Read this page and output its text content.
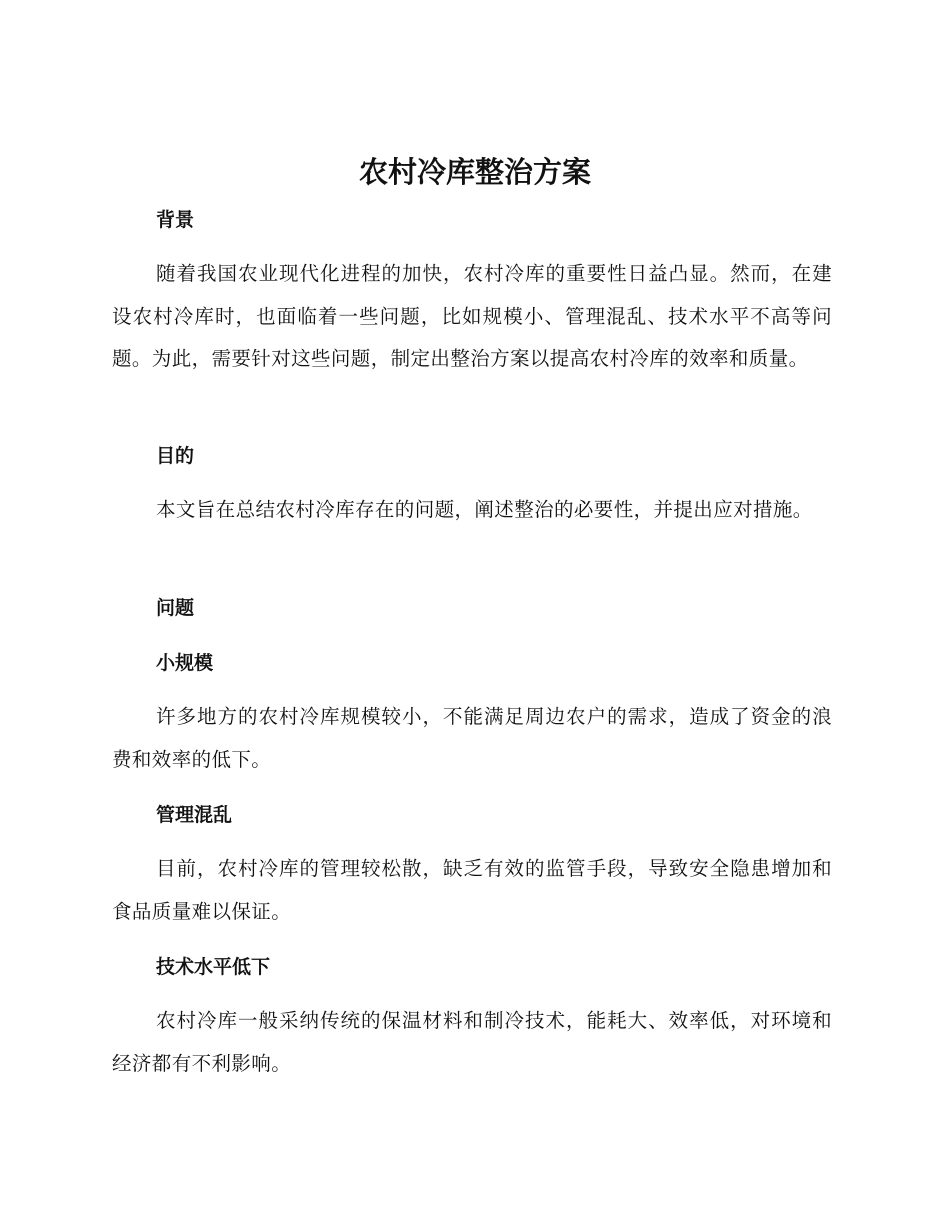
农村冷库整治方案
背景

随着我国农业现代化进程的加快，农村冷库的重要性日益凸显。然而，在建设农村冷库时，也面临着一些问题，比如规模小、管理混乱、技术水平不高等问题。为此，需要针对这些问题，制定出整治方案以提高农村冷库的效率和质量。

目的

本文旨在总结农村冷库存在的问题，阐述整治的必要性，并提出应对措施。

问题
小规模

许多地方的农村冷库规模较小，不能满足周边农户的需求，造成了资金的浪费和效率的低下。

管理混乱

目前，农村冷库的管理较松散，缺乏有效的监管手段，导致安全隐患增加和食品质量难以保证。

技术水平低下

农村冷库一般采纳传统的保温材料和制冷技术，能耗大、效率低，对环境和经济都有不利影响。
